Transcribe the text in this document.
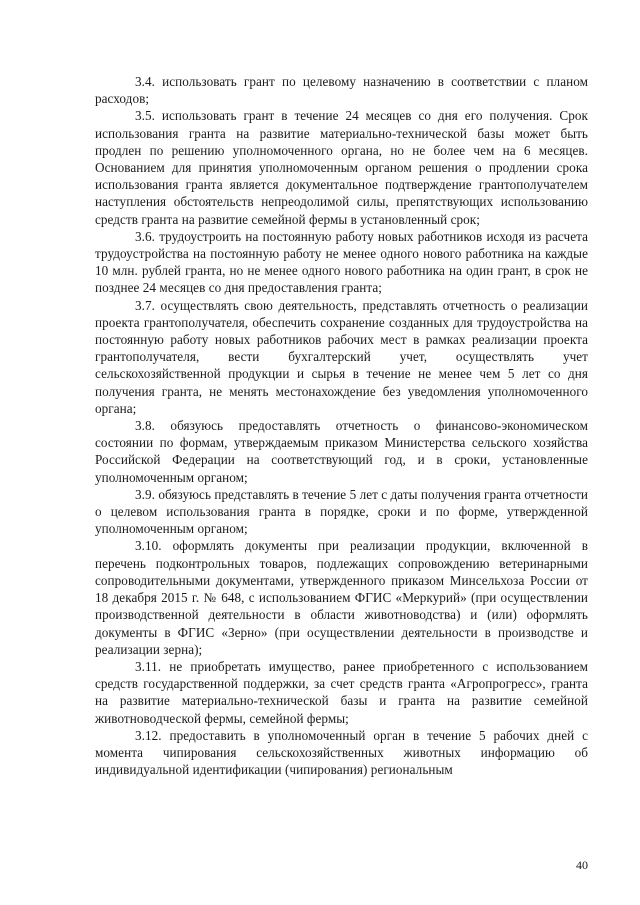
3.4. использовать грант по целевому назначению в соответствии с планом расходов;

3.5. использовать грант в течение 24 месяцев со дня его получения. Срок использования гранта на развитие материально-технической базы может быть продлен по решению уполномоченного органа, но не более чем на 6 месяцев. Основанием для принятия уполномоченным органом решения о продлении срока использования гранта является документальное подтверждение грантополучателем наступления обстоятельств непреодолимой силы, препятствующих использованию средств гранта на развитие семейной фермы в установленный срок;

3.6. трудоустроить на постоянную работу новых работников исходя из расчета трудоустройства на постоянную работу не менее одного нового работника на каждые 10 млн. рублей гранта, но не менее одного нового работника на один грант, в срок не позднее 24 месяцев со дня предоставления гранта;

3.7. осуществлять свою деятельность, представлять отчетность о реализации проекта грантополучателя, обеспечить сохранение созданных для трудоустройства на постоянную работу новых работников рабочих мест в рамках реализации проекта грантополучателя, вести бухгалтерский учет, осуществлять учет сельскохозяйственной продукции и сырья в течение не менее чем 5 лет со дня получения гранта, не менять местонахождение без уведомления уполномоченного органа;

3.8. обязуюсь предоставлять отчетность о финансово-экономическом состоянии по формам, утверждаемым приказом Министерства сельского хозяйства Российской Федерации на соответствующий год, и в сроки, установленные уполномоченным органом;

3.9. обязуюсь представлять в течение 5 лет с даты получения гранта отчетности о целевом использования гранта в порядке, сроки и по форме, утвержденной уполномоченным органом;

3.10. оформлять документы при реализации продукции, включенной в перечень подконтрольных товаров, подлежащих сопровождению ветеринарными сопроводительными документами, утвержденного приказом Минсельхоза России от 18 декабря 2015 г. № 648, с использованием ФГИС «Меркурий» (при осуществлении производственной деятельности в области животноводства) и (или) оформлять документы в ФГИС «Зерно» (при осуществлении деятельности в производстве и реализации зерна);

3.11. не приобретать имущество, ранее приобретенного с использованием средств государственной поддержки, за счет средств гранта «Агропрогресс», гранта на развитие материально-технической базы и гранта на развитие семейной животноводческой фермы, семейной фермы;

3.12. предоставить в уполномоченный орган в течение 5 рабочих дней с момента чипирования сельскохозяйственных животных информацию об индивидуальной идентификации (чипирования) региональным

40
